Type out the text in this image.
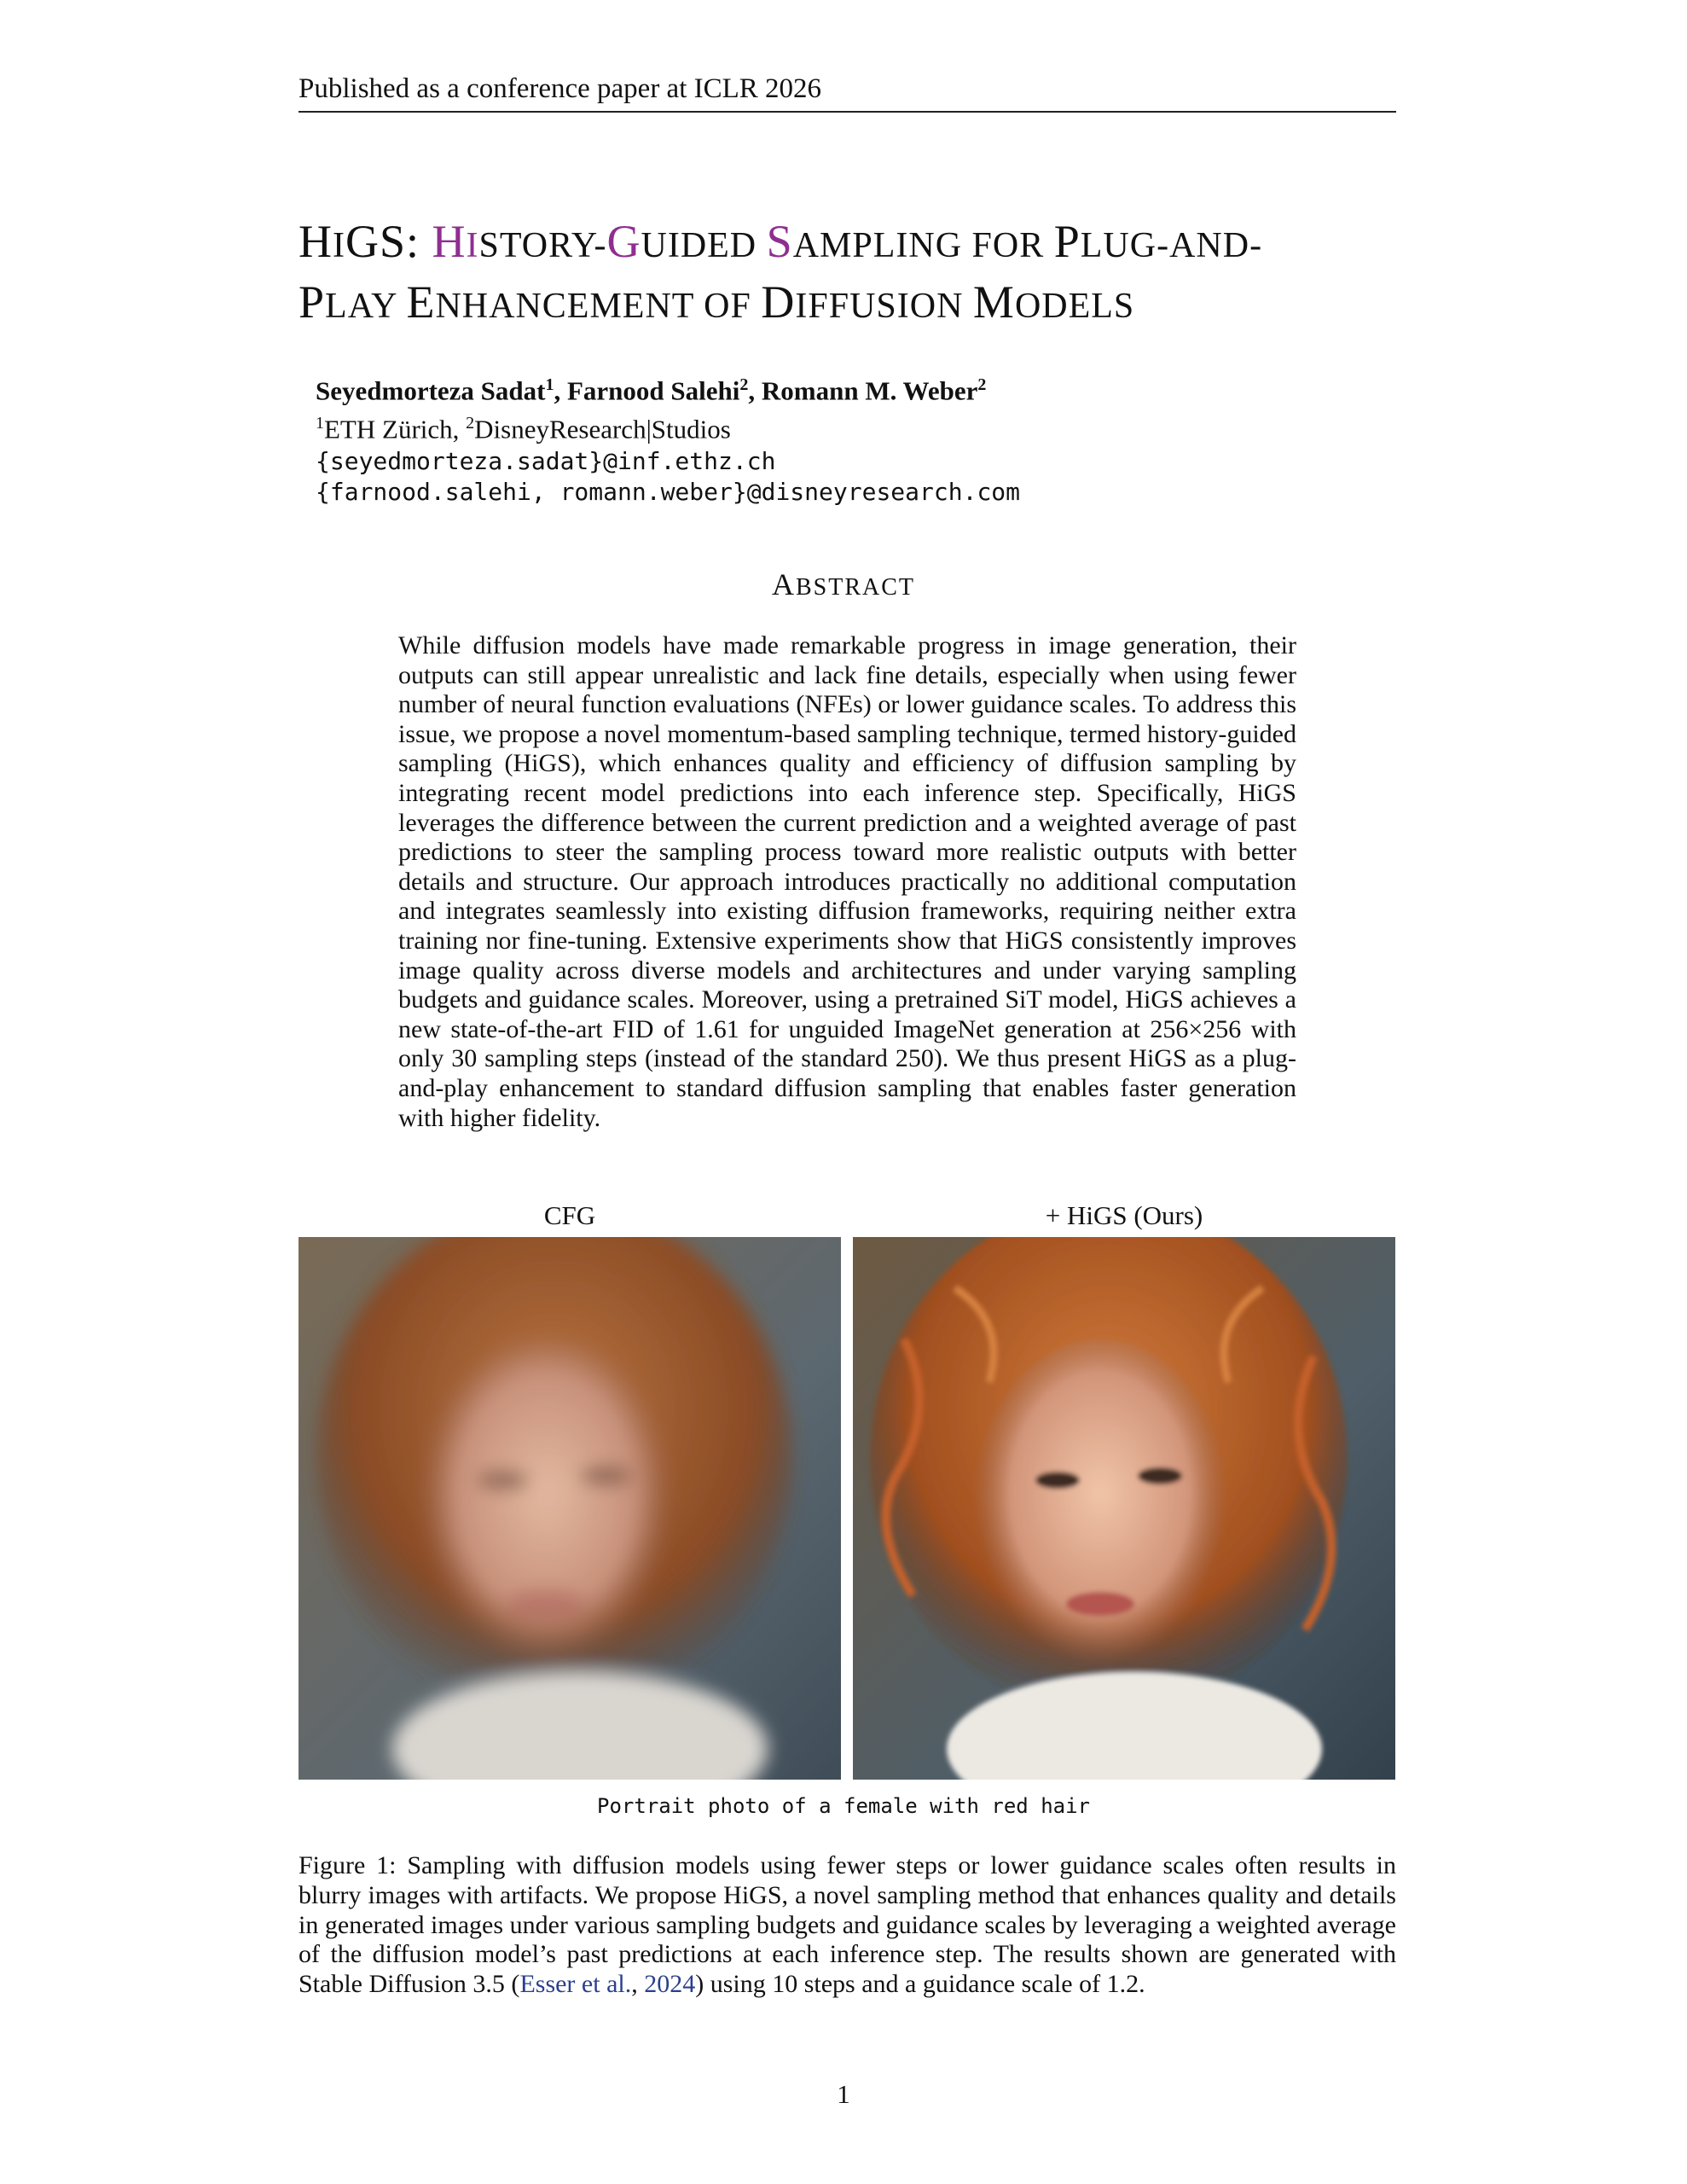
Published as a conference paper at ICLR 2026
HIGS: HISTORY-GUIDED SAMPLING FOR PLUG-AND-
PLAY ENHANCEMENT OF DIFFUSION MODELS
Seyedmorteza Sadat$^1$, Farnood Salehi$^2$, Romann M. Weber$^2$
$^1$ETH Zürich, $^2$DisneyResearch|Studios
{seyedmorteza.sadat}@inf.ethz.ch
{farnood.salehi, romann.weber}@disneyresearch.com
ABSTRACT
While diffusion models have made remarkable progress in image generation, their outputs can still appear unrealistic and lack fine details, especially when using fewer number of neural function evaluations (NFEs) or lower guidance scales. To address this issue, we propose a novel momentum-based sampling technique, termed history-guided sampling (HiGS), which enhances quality and efficiency of diffusion sampling by integrating recent model predictions into each inference step. Specifically, HiGS leverages the difference between the current prediction and a weighted average of past predictions to steer the sampling process toward more realistic outputs with better details and structure. Our approach introduces practically no additional computation and integrates seamlessly into existing diffusion frameworks, requiring neither extra training nor fine-tuning. Extensive experiments show that HiGS consistently improves image quality across diverse models and architectures and under varying sampling budgets and guidance scales. Moreover, using a pretrained SiT model, HiGS achieves a new state-of-the-art FID of 1.61 for unguided ImageNet generation at 256×256 with only 30 sampling steps (instead of the standard 250). We thus present HiGS as a plug-and-play enhancement to standard diffusion sampling that enables faster generation with higher fidelity.
CFG	+ HiGS (Ours)
Portrait photo of a female with red hair
Figure 1: Sampling with diffusion models using fewer steps or lower guidance scales often results in blurry images with artifacts. We propose HiGS, a novel sampling method that enhances quality and details in generated images under various sampling budgets and guidance scales by leveraging a weighted average of the diffusion model’s past predictions at each inference step. The results shown are generated with Stable Diffusion 3.5 (Esser et al., 2024) using 10 steps and a guidance scale of 1.2.
1
